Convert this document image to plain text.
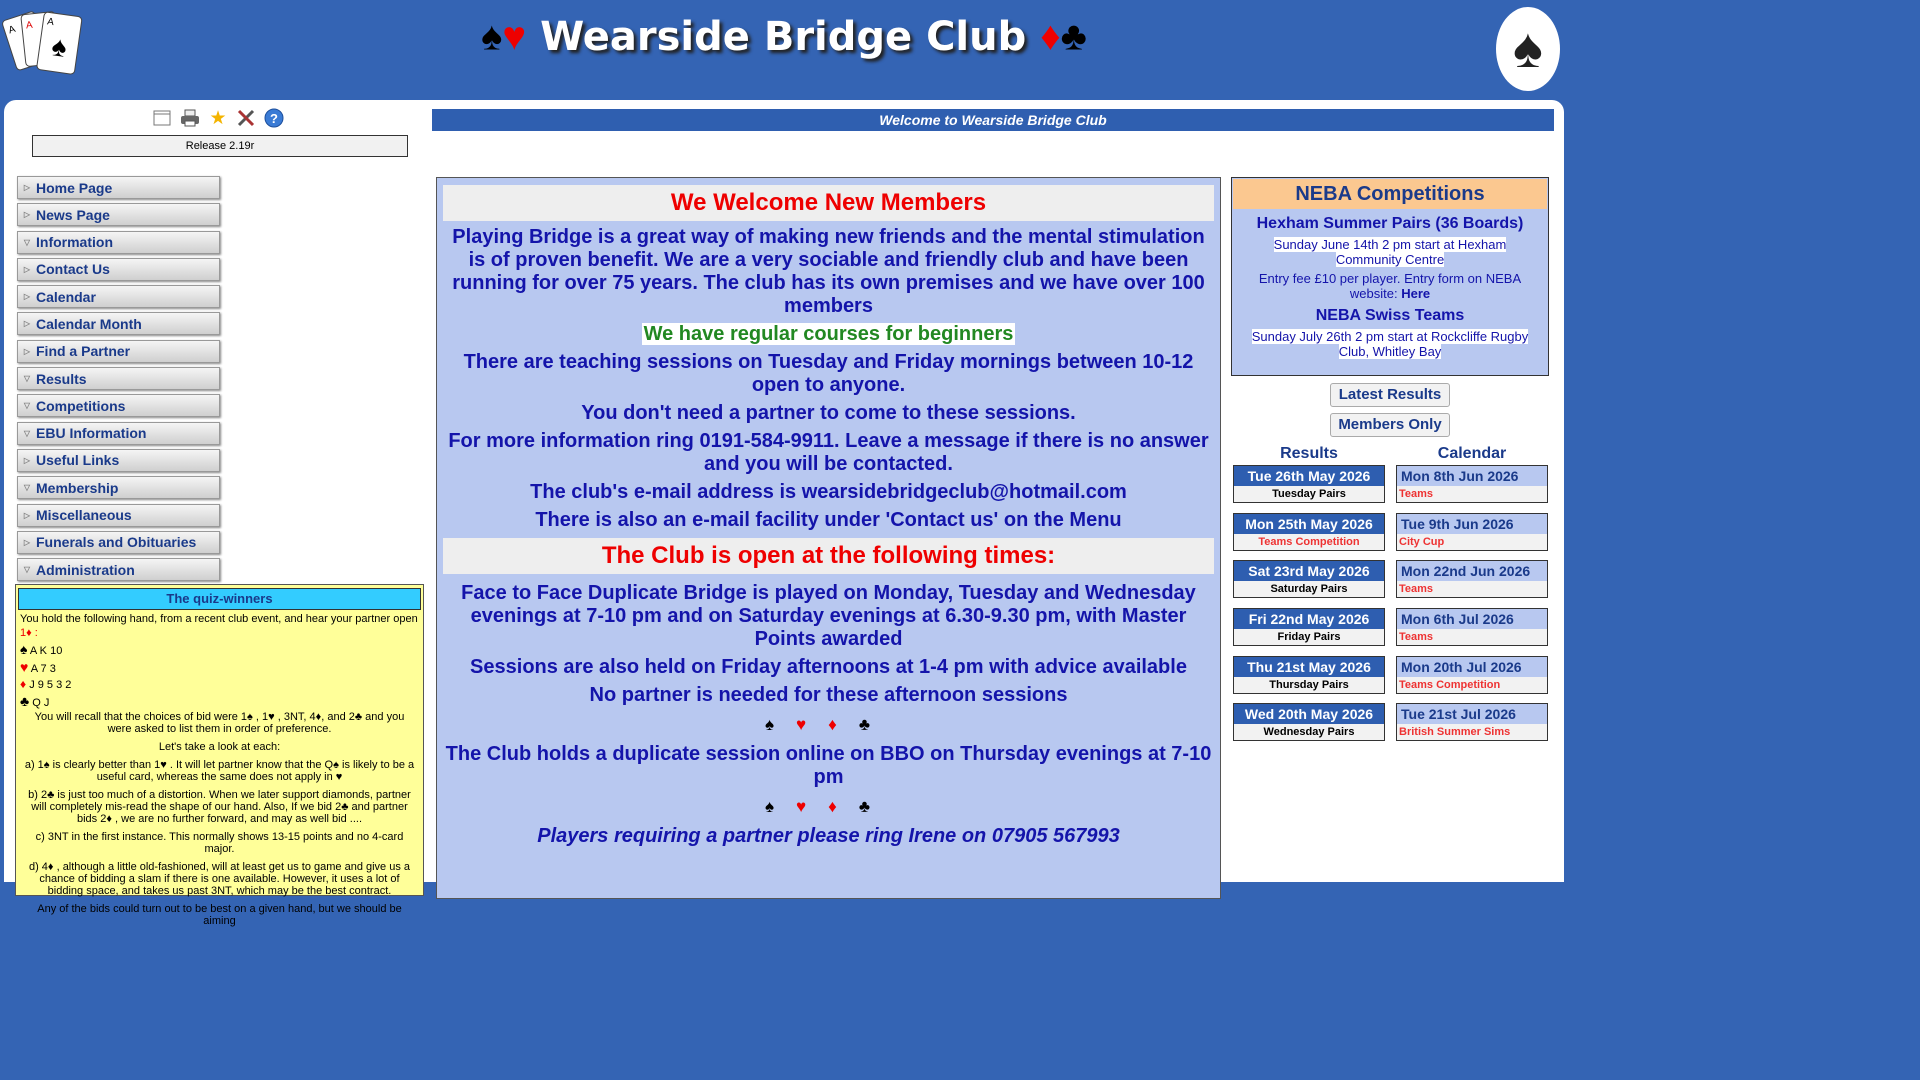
A A
♠
A	♠♥ Wearside Bridge Club ♦♣	♠
★	?
Release 2.19r
Welcome to Wearside Bridge Club
▷ Home Page
▷ News Page
▽ Information
▷ Contact Us
▷ Calendar
▷ Calendar Month
▷ Find a Partner
▽ Results
▽ Competitions
▽ EBU Information
▷ Useful Links
▽ Membership
▷ Miscellaneous
▷ Funerals and Obituaries
▽ Administration
The quiz-winners

You hold the following hand, from a recent club event, and hear your partner open

1♦ :

♠ A K 10

♥ A 7 3

♦ J 9 5 3 2

♣ Q J

You will recall that the choices of bid were 1♠ , 1♥ , 3NT, 4♦, and 2♣ and you were asked to list them in order of preference.

Let's take a look at each:

a) 1♠ is clearly better than 1♥ . It will let partner know that the Q♠ is likely to be a useful card, whereas the same does not apply in ♥

b) 2♣ is just too much of a distortion. When we later support diamonds, partner will completely mis-read the shape of our hand. Also, If we bid 2♣ and partner bids 2♦ , we are no further forward, and may as well bid ....

c) 3NT in the first instance. This normally shows 13-15 points and no 4-card major.

d) 4♦ , although a little old-fashioned, will at least get us to game and give us a chance of bidding a slam if there is one available. However, it uses a lot of bidding space, and takes us past 3NT, which may be the best contract.

Any of the bids could turn out to be best on a given hand, but we should be aiming

We Welcome New Members
Playing Bridge is a great way of making new friends and the mental stimulation is of proven benefit. We are a very sociable and friendly club and have been running for over 75 years. The club has its own premises and we have over 100 members
We have regular courses for beginners
There are teaching sessions on Tuesday and Friday mornings between 10-12 open to anyone.
You don't need a partner to come to these sessions.
For more information ring 0191-584-9911. Leave a message if there is no answer and you will be contacted.
The club's e-mail address is wearsidebridgeclub@hotmail.com
There is also an e-mail facility under 'Contact us' on the Menu
The Club is open at the following times:
Face to Face Duplicate Bridge is played on Monday, Tuesday and Wednesday evenings at 7-10 pm and on Saturday evenings at 6.30-9.30 pm, with Master Points awarded
Sessions are also held on Friday afternoons at 1-4 pm with advice available
No partner is needed for these afternoon sessions
♠♥♦♣
The Club holds a duplicate session online on BBO on Thursday evenings at 7-10 pm
♠♥♦♣
Players requiring a partner please ring Irene on 07905 567993
NEBA Competitions
Hexham Summer Pairs (36 Boards)

Sunday June 14th 2 pm start at Hexham Community Centre

Entry fee £10 per player. Entry form on NEBA website: Here

NEBA Swiss Teams

Sunday July 26th 2 pm start at Rockcliffe Rugby Club, Whitley Bay

Latest Results
Members Only
Results
Tue 26th May 2026
Tuesday Pairs
Mon 25th May 2026
Teams Competition
Sat 23rd May 2026
Saturday Pairs
Fri 22nd May 2026
Friday Pairs
Thu 21st May 2026
Thursday Pairs
Wed 20th May 2026
Wednesday Pairs
Calendar
Mon 8th Jun 2026
Teams
Tue 9th Jun 2026
City Cup
Mon 22nd Jun 2026
Teams
Mon 6th Jul 2026
Teams
Mon 20th Jul 2026
Teams Competition
Tue 21st Jul 2026
British Summer Sims
